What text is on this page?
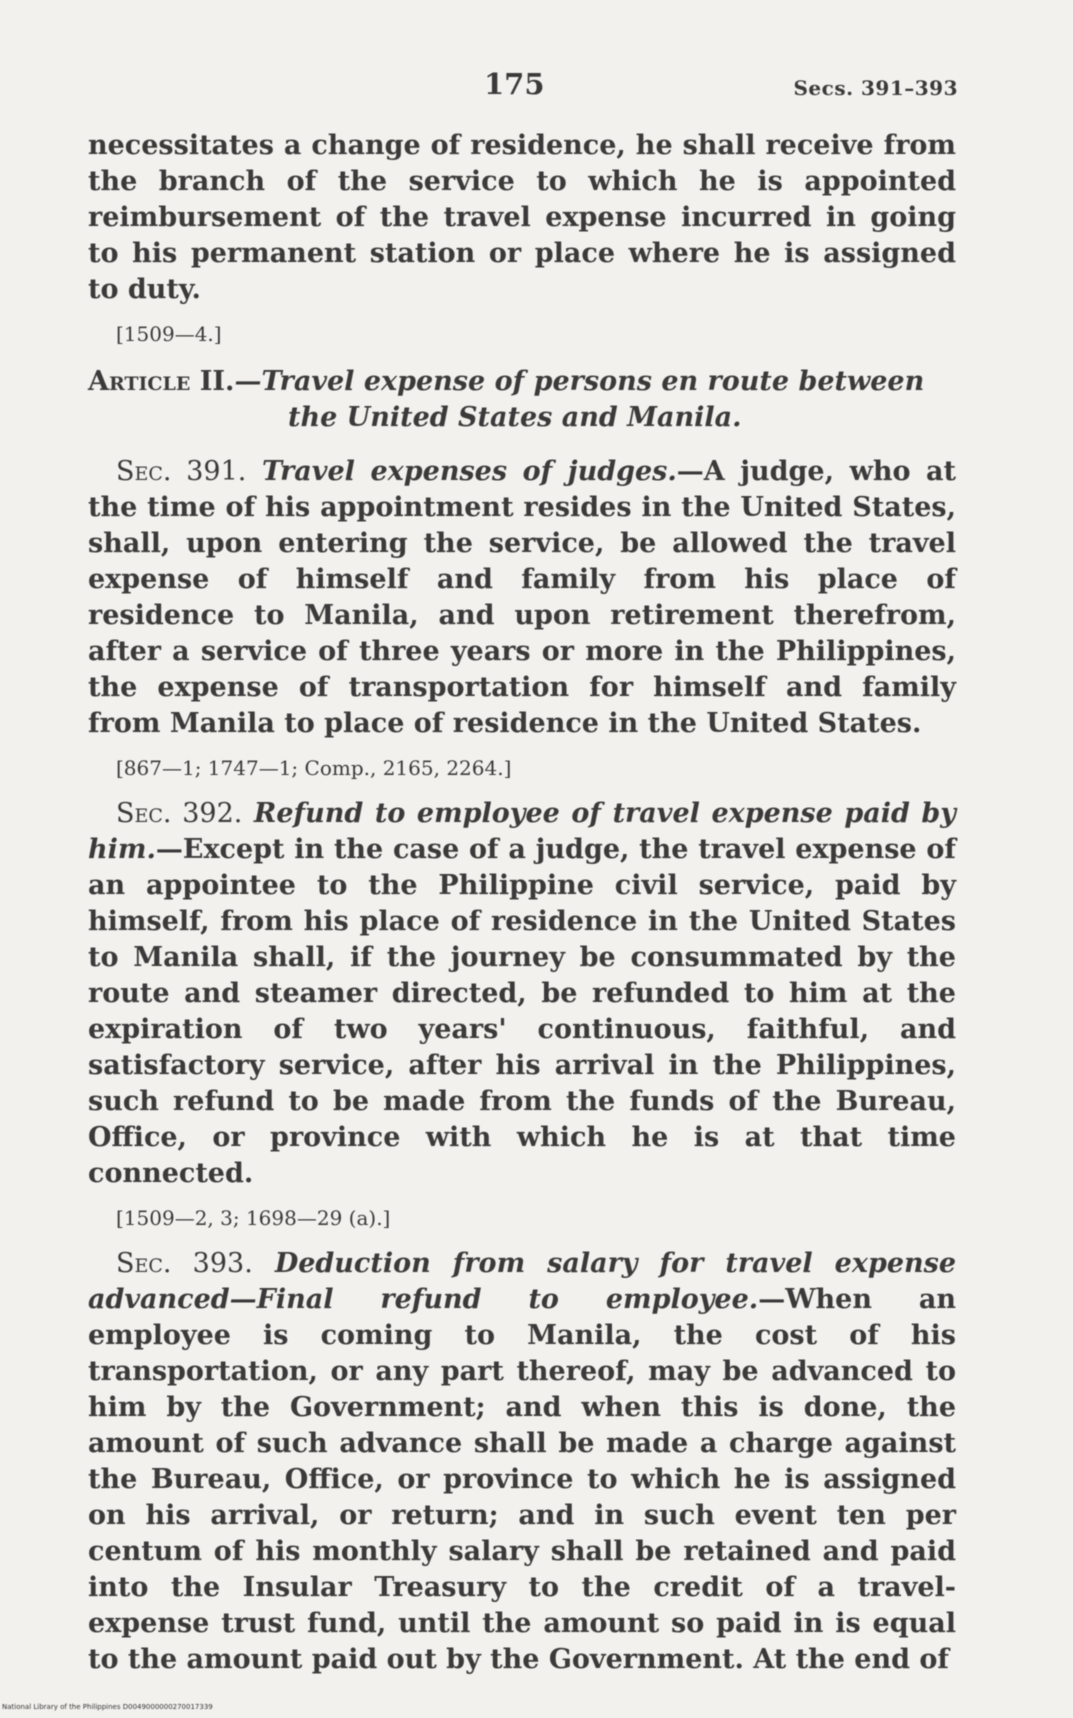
175	Secs. 391–393

necessitates a change of residence, he shall receive from the branch of the service to which he is appointed reimbursement of the travel expense incurred in going to his permanent station or place where he is assigned to duty.

[1509—4.]

Article II.—Travel expense of persons en route between
the United States and Manila.

Sec. 391. Travel expenses of judges.—A judge, who at the time of his appointment resides in the United States, shall, upon entering the service, be allowed the travel expense of himself and family from his place of residence to Manila, and upon retirement therefrom, after a service of three years or more in the Philippines, the expense of transportation for himself and family from Manila to place of residence in the United States.

[867—1; 1747—1; Comp., 2165, 2264.]

Sec. 392. Refund to employee of travel expense paid by him.—Except in the case of a judge, the travel expense of an appointee to the Philippine civil service, paid by himself, from his place of residence in the United States to Manila shall, if the journey be consummated by the route and steamer directed, be refunded to him at the expiration of two years' continuous, faithful, and satisfactory service, after his arrival in the Philippines, such refund to be made from the funds of the Bureau, Office, or province with which he is at that time connected.

[1509—2, 3; 1698—29 (a).]

Sec. 393. Deduction from salary for travel expense advanced—Final refund to employee.—When an employee is coming to Manila, the cost of his transportation, or any part thereof, may be advanced to him by the Government; and when this is done, the amount of such advance shall be made a charge against the Bureau, Office, or province to which he is assigned on his arrival, or return; and in such event ten per centum of his monthly salary shall be retained and paid into the Insular Treasury to the credit of a travel-expense trust fund, until the amount so paid in is equal to the amount paid out by the Government. At the end of

National Library of the Philippines D0049000000270017339
